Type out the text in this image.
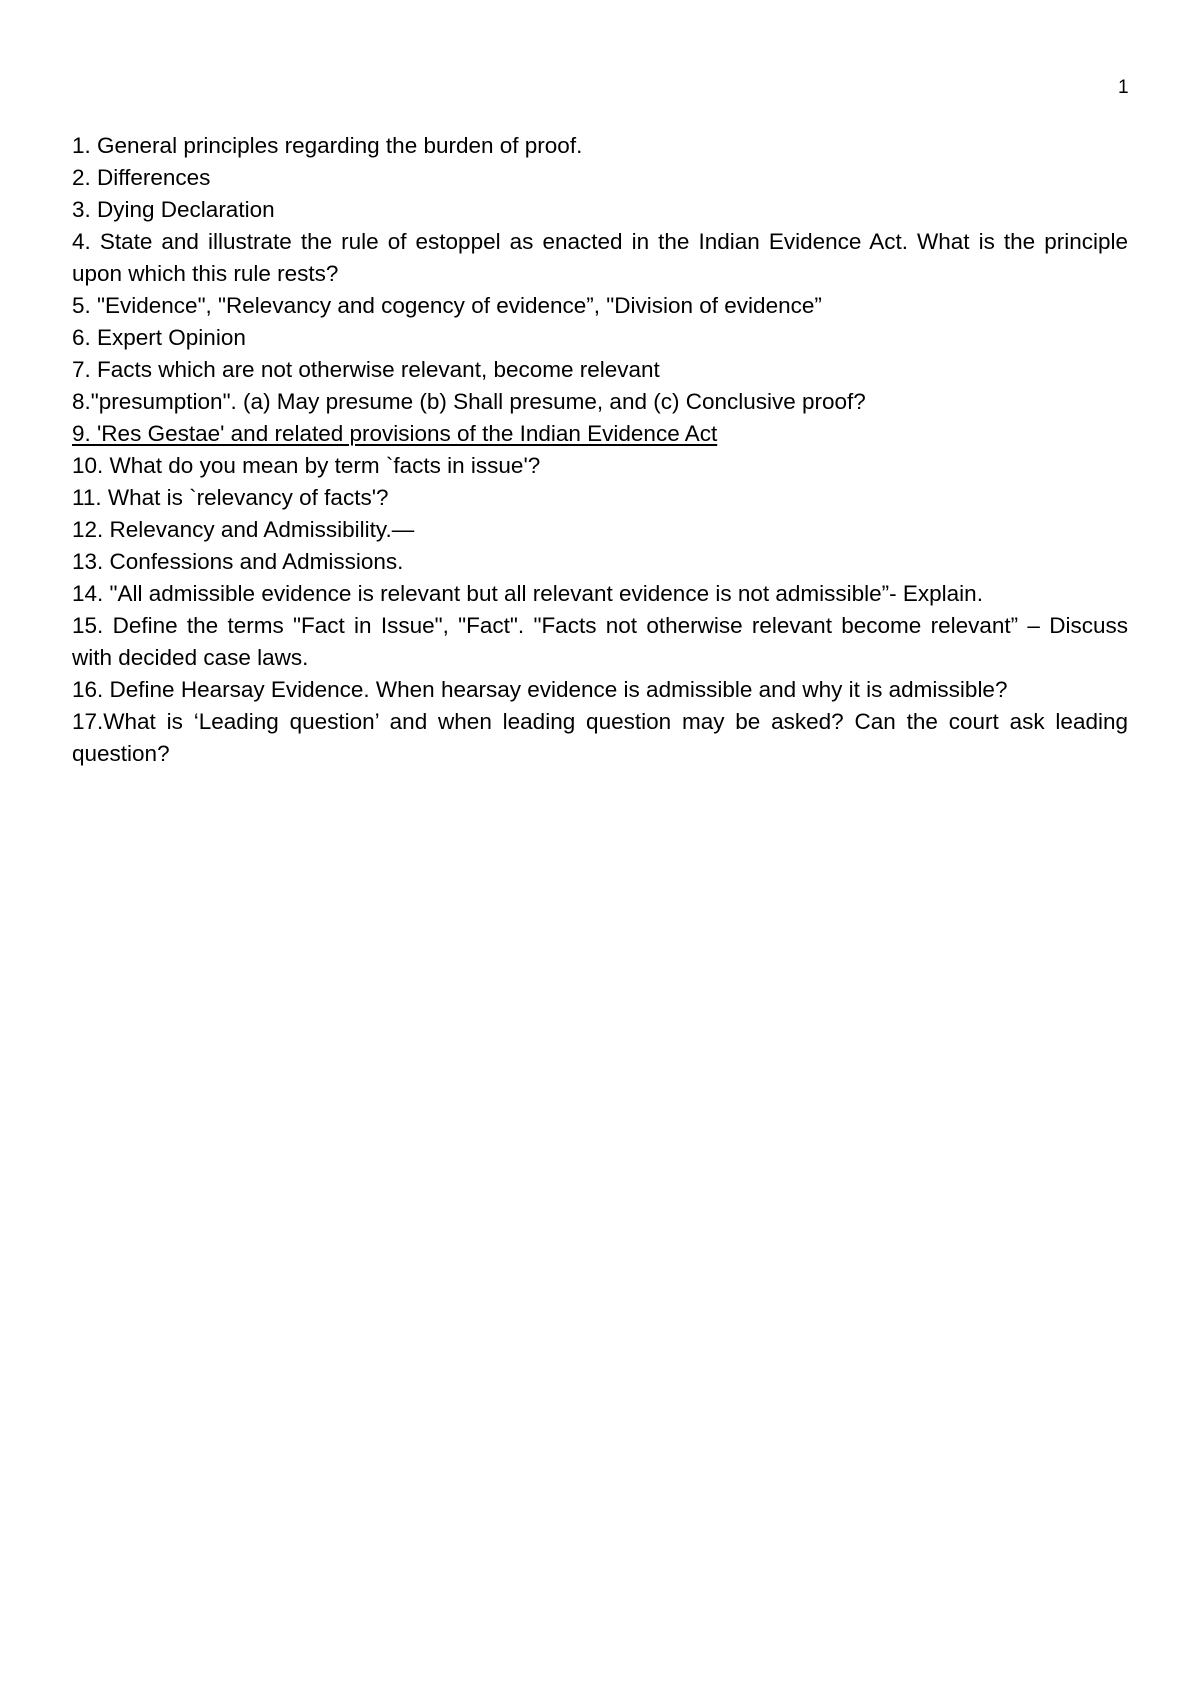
1

1. General principles regarding the burden of proof.

2. Differences

3. Dying Declaration

4. State and illustrate the rule of estoppel as enacted in the Indian Evidence Act. What is the principle upon which this rule rests?

5. "Evidence", "Relevancy and cogency of evidence”, "Division of evidence”

6. Expert Opinion

7. Facts which are not otherwise relevant, become relevant

8."presumption". (a) May presume (b) Shall presume, and (c) Conclusive proof?

9. 'Res Gestae' and related provisions of the Indian Evidence Act

10. What do you mean by term `facts in issue'?

11. What is `relevancy of facts'?

12. Relevancy and Admissibility.—

13. Confessions and Admissions.

14. "All admissible evidence is relevant but all relevant evidence is not admissible”- Explain.

15. Define the terms "Fact in Issue", "Fact". "Facts not otherwise relevant become relevant” – Discuss with decided case laws.

16. Define Hearsay Evidence. When hearsay evidence is admissible and why it is admissible?

17.What is ‘Leading question’ and when leading question may be asked? Can the court ask leading question?
